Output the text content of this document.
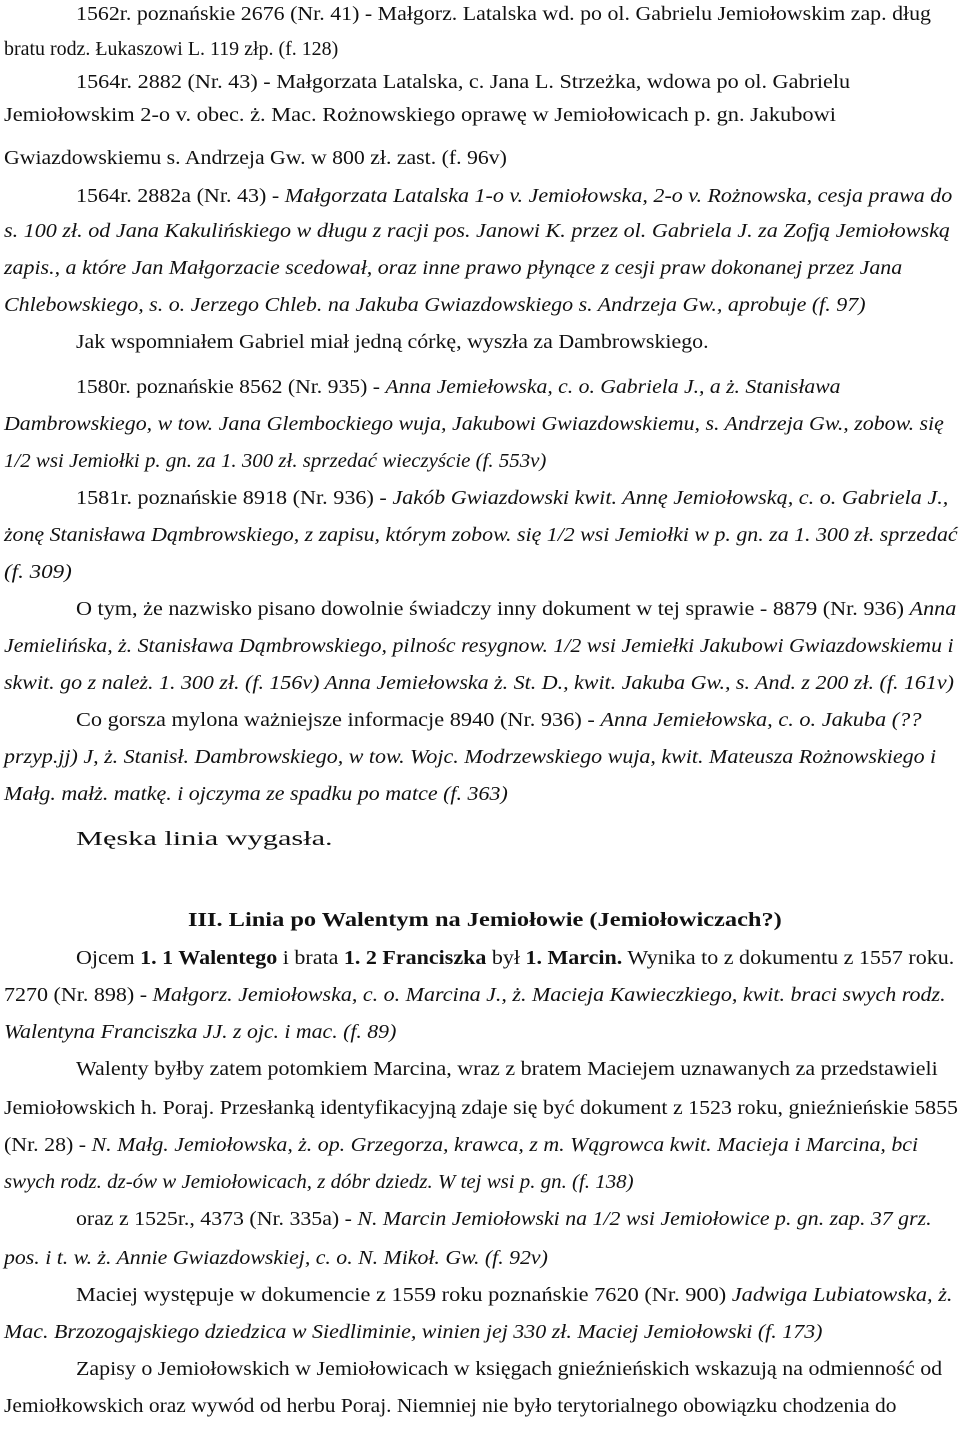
1562r. poznańskie 2676 (Nr. 41) - Małgorz. Latalska wd. po ol. Gabrielu Jemiołowskim zap. dług
bratu rodz. Łukaszowi L. 119 złp. (f. 128)
1564r. 2882 (Nr. 43) - Małgorzata Latalska, c. Jana L. Strzeżka, wdowa po ol. Gabrielu
Jemiołowskim 2-o v. obec. ż. Mac. Rożnowskiego oprawę w Jemiołowicach p. gn. Jakubowi
Gwiazdowskiemu s. Andrzeja Gw. w 800 zł. zast. (f. 96v)
1564r. 2882a (Nr. 43) - Małgorzata Latalska 1-o v. Jemiołowska, 2-o v. Rożnowska, cesja prawa do
s. 100 zł. od Jana Kakulińskiego w długu z racji pos. Janowi K. przez ol. Gabriela J. za Zofją Jemiołowską
zapis., a które Jan Małgorzacie scedował, oraz inne prawo płynące z cesji praw dokonanej przez Jana
Chlebowskiego, s. o. Jerzego Chleb. na Jakuba Gwiazdowskiego s. Andrzeja Gw., aprobuje (f. 97)
Jak wspomniałem Gabriel miał jedną córkę, wyszła za Dambrowskiego.
1580r. poznańskie 8562 (Nr. 935) - Anna Jemiełowska, c. o. Gabriela J., a ż. Stanisława
Dambrowskiego, w tow. Jana Glembockiego wuja, Jakubowi Gwiazdowskiemu, s. Andrzeja Gw., zobow. się
1/2 wsi Jemiołki p. gn. za 1. 300 zł. sprzedać wieczyście (f. 553v)
1581r. poznańskie 8918 (Nr. 936) - Jakób Gwiazdowski kwit. Annę Jemiołowską, c. o. Gabriela J.,
żonę Stanisława Dąmbrowskiego, z zapisu, którym zobow. się 1/2 wsi Jemiołki w p. gn. za 1. 300 zł. sprzedać
(f. 309)
O tym, że nazwisko pisano dowolnie świadczy inny dokument w tej sprawie - 8879 (Nr. 936) Anna
Jemielińska, ż. Stanisława Dąmbrowskiego, pilnośc resygnow. 1/2 wsi Jemiełki Jakubowi Gwiazdowskiemu i
skwit. go z należ. 1. 300 zł. (f. 156v) Anna Jemiełowska ż. St. D., kwit. Jakuba Gw., s. And. z 200 zł. (f. 161v)
Co gorsza mylona ważniejsze informacje 8940 (Nr. 936) - Anna Jemiełowska, c. o. Jakuba (??
przyp.jj) J, ż. Stanisł. Dambrowskiego, w tow. Wojc. Modrzewskiego wuja, kwit. Mateusza Rożnowskiego i
Małg. małż. matkę. i ojczyma ze spadku po matce (f. 363)
Męska linia wygasła.
III. Linia po Walentym na Jemiołowie (Jemiołowiczach?)
Ojcem 1. 1 Walentego i brata 1. 2 Franciszka był 1. Marcin. Wynika to z dokumentu z 1557 roku.
7270 (Nr. 898) - Małgorz. Jemiołowska, c. o. Marcina J., ż. Macieja Kawieczkiego, kwit. braci swych rodz.
Walentyna Franciszka JJ. z ojc. i mac. (f. 89)
Walenty byłby zatem potomkiem Marcina, wraz z bratem Maciejem uznawanych za przedstawieli
Jemiołowskich h. Poraj. Przesłanką identyfikacyjną zdaje się być dokument z 1523 roku, gnieźnieńskie 5855
(Nr. 28) - N. Małg. Jemiołowska, ż. op. Grzegorza, krawca, z m. Wągrowca kwit. Macieja i Marcina, bci
swych rodz. dz-ów w Jemiołowicach, z dóbr dziedz. W tej wsi p. gn. (f. 138)
oraz z 1525r., 4373 (Nr. 335a) - N. Marcin Jemiołowski na 1/2 wsi Jemiołowice p. gn. zap. 37 grz.
pos. i t. w. ż. Annie Gwiazdowskiej, c. o. N. Mikoł. Gw. (f. 92v)
Maciej występuje w dokumencie z 1559 roku poznańskie 7620 (Nr. 900) Jadwiga Lubiatowska, ż.
Mac. Brzozogajskiego dziedzica w Siedliminie, winien jej 330 zł. Maciej Jemiołowski (f. 173)
Zapisy o Jemiołowskich w Jemiołowicach w księgach gnieźnieńskich wskazują na odmienność od
Jemiołkowskich oraz wywód od herbu Poraj. Niemniej nie było terytorialnego obowiązku chodzenia do
